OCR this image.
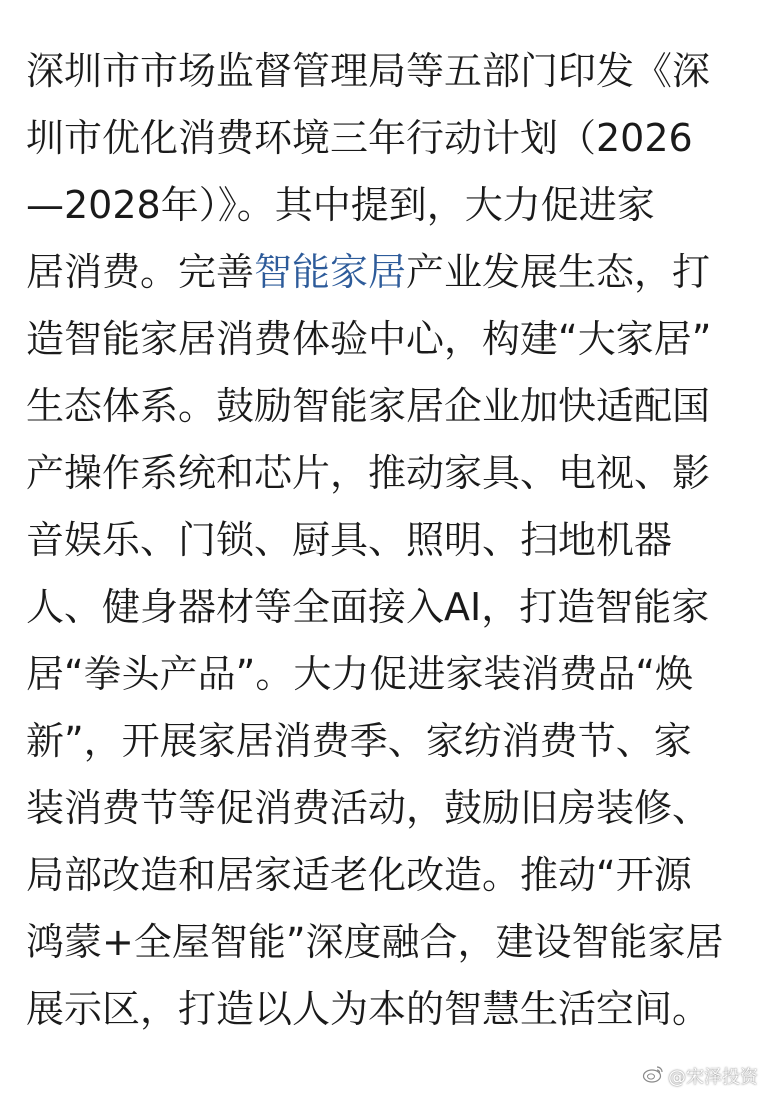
深圳市市场监督管理局等五部门印发《深
圳市优化消费环境三年行动计划（2026
—2028年）》。其中提到，大力促进家
居消费。完善智能家居产业发展生态，打
造智能家居消费体验中心，构建“大家居”
生态体系。鼓励智能家居企业加快适配国
产操作系统和芯片，推动家具、电视、影
音娱乐、门锁、厨具、照明、扫地机器
人、健身器材等全面接入AI，打造智能家
居“拳头产品”。大力促进家装消费品“焕
新”，开展家居消费季、家纺消费节、家
装消费节等促消费活动，鼓励旧房装修、
局部改造和居家适老化改造。推动“开源
鸿蒙+全屋智能”深度融合，建设智能家居
展示区，打造以人为本的智慧生活空间。
@宋泽投资
